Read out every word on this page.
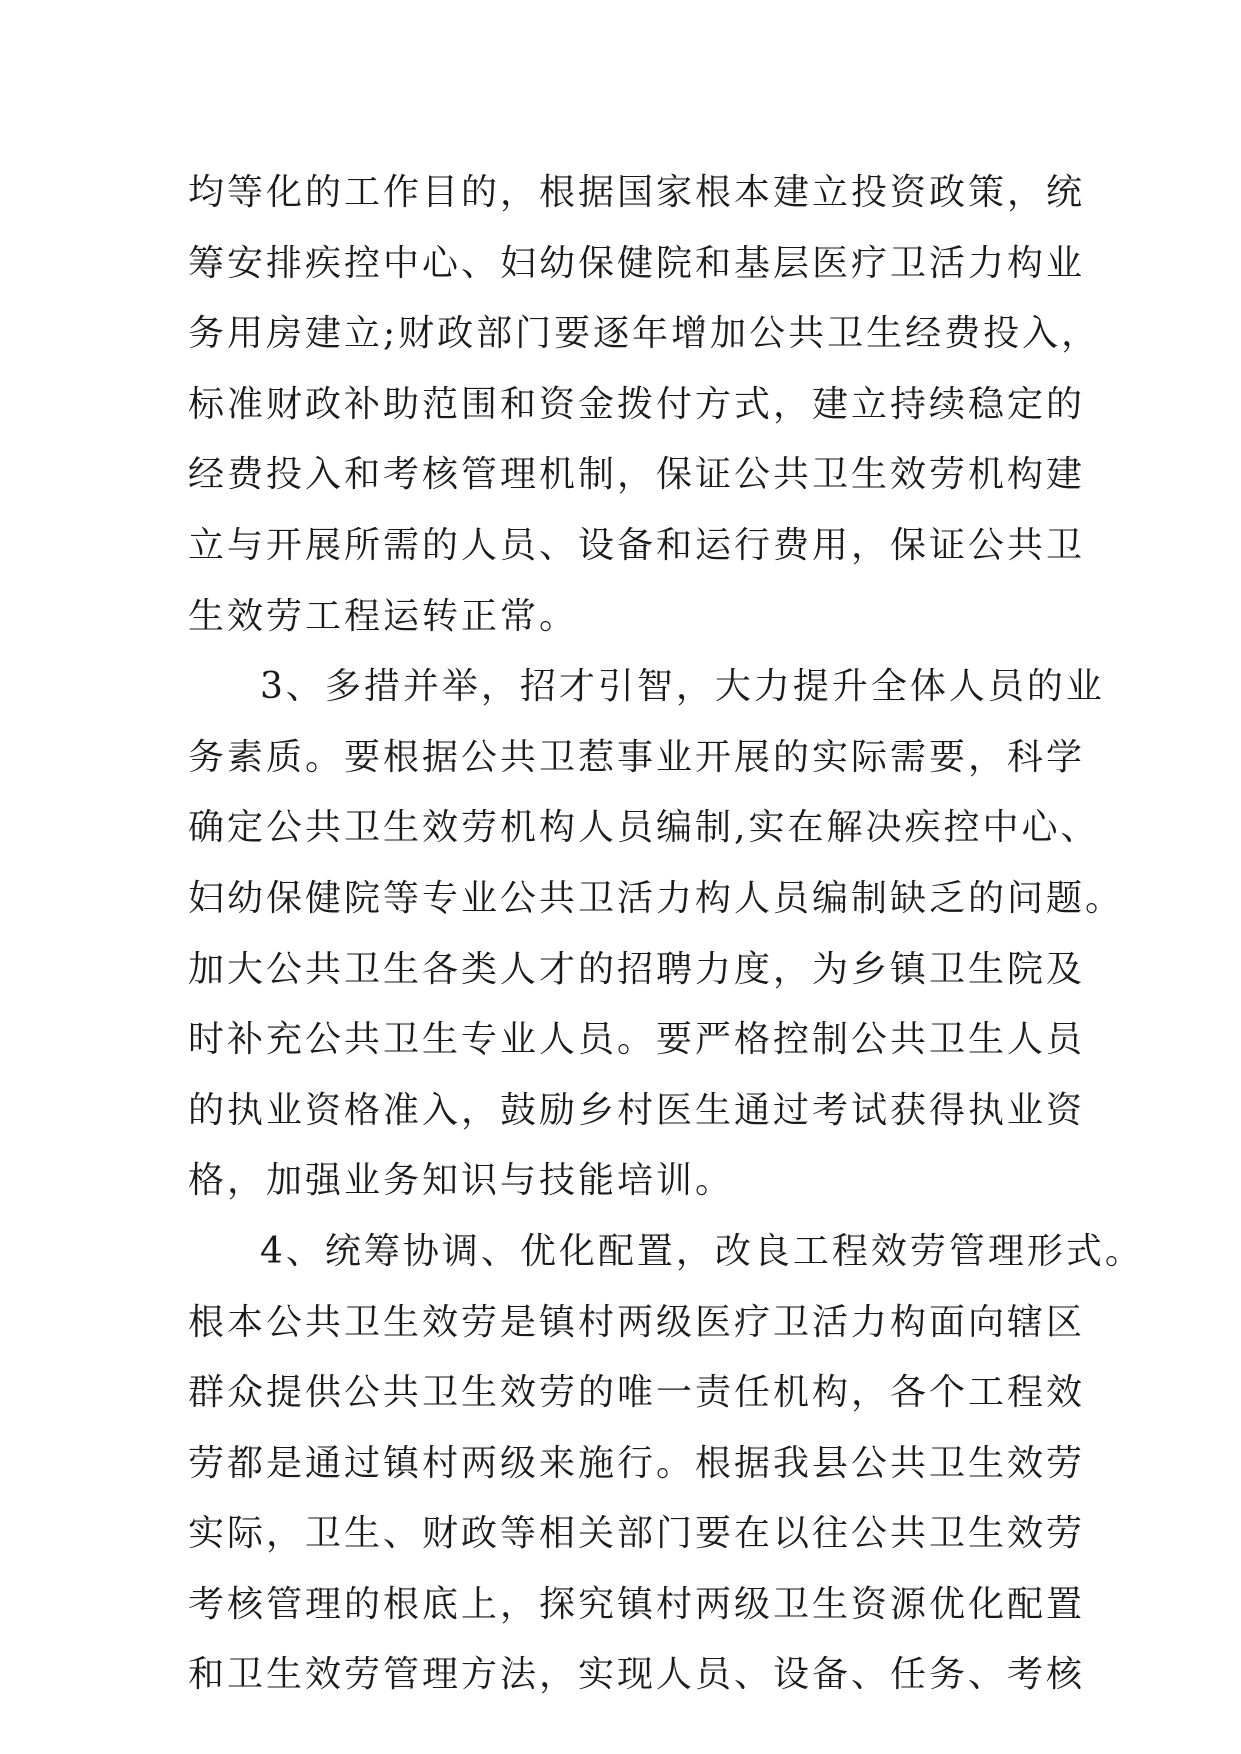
均等化的工作目的，根据国家根本建立投资政策，统
筹安排疾控中心、妇幼保健院和基层医疗卫活力构业
务用房建立;财政部门要逐年增加公共卫生经费投入，
标准财政补助范围和资金拨付方式，建立持续稳定的
经费投入和考核管理机制，保证公共卫生效劳机构建
立与开展所需的人员、设备和运行费用，保证公共卫
生效劳工程运转正常。
3、多措并举，招才引智，大力提升全体人员的业
务素质。要根据公共卫惹事业开展的实际需要，科学
确定公共卫生效劳机构人员编制,实在解决疾控中心、
妇幼保健院等专业公共卫活力构人员编制缺乏的问题。
加大公共卫生各类人才的招聘力度，为乡镇卫生院及
时补充公共卫生专业人员。要严格控制公共卫生人员
的执业资格准入，鼓励乡村医生通过考试获得执业资
格，加强业务知识与技能培训。
4、统筹协调、优化配置，改良工程效劳管理形式。
根本公共卫生效劳是镇村两级医疗卫活力构面向辖区
群众提供公共卫生效劳的唯一责任机构，各个工程效
劳都是通过镇村两级来施行。根据我县公共卫生效劳
实际，卫生、财政等相关部门要在以往公共卫生效劳
考核管理的根底上，探究镇村两级卫生资源优化配置
和卫生效劳管理方法，实现人员、设备、任务、考核
